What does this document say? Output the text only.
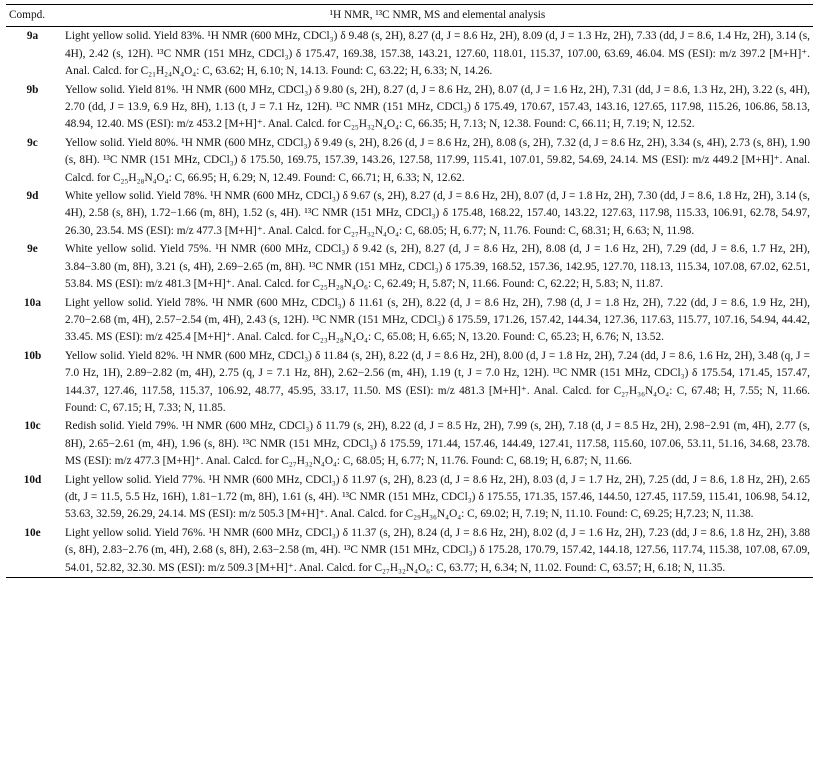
Compd.	¹H NMR, ¹³C NMR, MS and elemental analysis
9a	Light yellow solid. Yield 83%. ¹H NMR (600 MHz, CDCl₃) δ 9.48 (s, 2H), 8.27 (d, J = 8.6 Hz, 2H), 8.09 (d, J = 1.3 Hz, 2H), 7.33 (dd, J = 8.6, 1.4 Hz, 2H), 3.14 (s, 4H), 2.42 (s, 12H). ¹³C NMR (151 MHz, CDCl₃) δ 175.47, 169.38, 157.38, 143.21, 127.60, 118.01, 115.37, 107.00, 63.69, 46.04. MS (ESI): m/z 397.2 [M+H]⁺. Anal. Calcd. for C₂₁H₂₄N₄O₄: C, 63.62; H, 6.10; N, 14.13. Found: C, 63.22; H, 6.33; N, 14.26.
9b	Yellow solid. Yield 81%. ¹H NMR (600 MHz, CDCl₃) δ 9.80 (s, 2H), 8.27 (d, J = 8.6 Hz, 2H), 8.07 (d, J = 1.6 Hz, 2H), 7.31 (dd, J = 8.6, 1.3 Hz, 2H), 3.22 (s, 4H), 2.70 (dd, J = 13.9, 6.9 Hz, 8H), 1.13 (t, J = 7.1 Hz, 12H). ¹³C NMR (151 MHz, CDCl₃) δ 175.49, 170.67, 157.43, 143.16, 127.65, 117.98, 115.26, 106.86, 58.13, 48.94, 12.40. MS (ESI): m/z 453.2 [M+H]⁺. Anal. Calcd. for C₂₅H₃₂N₄O₄: C, 66.35; H, 7.13; N, 12.38. Found: C, 66.11; H, 7.19; N, 12.52.
9c	Yellow solid. Yield 80%. ¹H NMR (600 MHz, CDCl₃) δ 9.49 (s, 2H), 8.26 (d, J = 8.6 Hz, 2H), 8.08 (s, 2H), 7.32 (d, J = 8.6 Hz, 2H), 3.34 (s, 4H), 2.73 (s, 8H), 1.90 (s, 8H). ¹³C NMR (151 MHz, CDCl₃) δ 175.50, 169.75, 157.39, 143.26, 127.58, 117.99, 115.41, 107.01, 59.82, 54.69, 24.14. MS (ESI): m/z 449.2 [M+H]⁺. Anal. Calcd. for C₂₅H₂₈N₄O₄: C, 66.95; H, 6.29; N, 12.49. Found: C, 66.71; H, 6.33; N, 12.62.
9d	White yellow solid. Yield 78%. ¹H NMR (600 MHz, CDCl₃) δ 9.67 (s, 2H), 8.27 (d, J = 8.6 Hz, 2H), 8.07 (d, J = 1.8 Hz, 2H), 7.30 (dd, J = 8.6, 1.8 Hz, 2H), 3.14 (s, 4H), 2.58 (s, 8H), 1.72−1.66 (m, 8H), 1.52 (s, 4H). ¹³C NMR (151 MHz, CDCl₃) δ 175.48, 168.22, 157.40, 143.22, 127.63, 117.98, 115.33, 106.91, 62.78, 54.97, 26.30, 23.54. MS (ESI): m/z 477.3 [M+H]⁺. Anal. Calcd. for C₂₇H₃₂N₄O₄: C, 68.05; H, 6.77; N, 11.76. Found: C, 68.31; H, 6.63; N, 11.98.
9e	White yellow solid. Yield 75%. ¹H NMR (600 MHz, CDCl₃) δ 9.42 (s, 2H), 8.27 (d, J = 8.6 Hz, 2H), 8.08 (d, J = 1.6 Hz, 2H), 7.29 (dd, J = 8.6, 1.7 Hz, 2H), 3.84−3.80 (m, 8H), 3.21 (s, 4H), 2.69−2.65 (m, 8H). ¹³C NMR (151 MHz, CDCl₃) δ 175.39, 168.52, 157.36, 142.95, 127.70, 118.13, 115.34, 107.08, 67.02, 62.51, 53.84. MS (ESI): m/z 481.3 [M+H]⁺. Anal. Calcd. for C₂₅H₂₈N₄O₆: C, 62.49; H, 5.87; N, 11.66. Found: C, 62.22; H, 5.83; N, 11.87.
10a	Light yellow solid. Yield 78%. ¹H NMR (600 MHz, CDCl₃) δ 11.61 (s, 2H), 8.22 (d, J = 8.6 Hz, 2H), 7.98 (d, J = 1.8 Hz, 2H), 7.22 (dd, J = 8.6, 1.9 Hz, 2H), 2.70−2.68 (m, 4H), 2.57−2.54 (m, 4H), 2.43 (s, 12H). ¹³C NMR (151 MHz, CDCl₃) δ 175.59, 171.26, 157.42, 144.34, 127.36, 117.63, 115.77, 107.16, 54.94, 44.42, 33.45. MS (ESI): m/z 425.4 [M+H]⁺. Anal. Calcd. for C₂₃H₂₈N₄O₄: C, 65.08; H, 6.65; N, 13.20. Found: C, 65.23; H, 6.76; N, 13.52.
10b	Yellow solid. Yield 82%. ¹H NMR (600 MHz, CDCl₃) δ 11.84 (s, 2H), 8.22 (d, J = 8.6 Hz, 2H), 8.00 (d, J = 1.8 Hz, 2H), 7.24 (dd, J = 8.6, 1.6 Hz, 2H), 3.48 (q, J = 7.0 Hz, 1H), 2.89−2.82 (m, 4H), 2.75 (q, J = 7.1 Hz, 8H), 2.62−2.56 (m, 4H), 1.19 (t, J = 7.0 Hz, 12H). ¹³C NMR (151 MHz, CDCl₃) δ 175.54, 171.45, 157.47, 144.37, 127.46, 117.58, 115.37, 106.92, 48.77, 45.95, 33.17, 11.50. MS (ESI): m/z 481.3 [M+H]⁺. Anal. Calcd. for C₂₇H₃₆N₄O₄: C, 67.48; H, 7.55; N, 11.66. Found: C, 67.15; H, 7.33; N, 11.85.
10c	Redish solid. Yield 79%. ¹H NMR (600 MHz, CDCl₃) δ 11.79 (s, 2H), 8.22 (d, J = 8.5 Hz, 2H), 7.99 (s, 2H), 7.18 (d, J = 8.5 Hz, 2H), 2.98−2.91 (m, 4H), 2.77 (s, 8H), 2.65−2.61 (m, 4H), 1.96 (s, 8H). ¹³C NMR (151 MHz, CDCl₃) δ 175.59, 171.44, 157.46, 144.49, 127.41, 117.58, 115.60, 107.06, 53.11, 51.16, 34.68, 23.78. MS (ESI): m/z 477.3 [M+H]⁺. Anal. Calcd. for C₂₇H₃₂N₄O₄: C, 68.05; H, 6.77; N, 11.76. Found: C, 68.19; H, 6.87; N, 11.66.
10d	Light yellow solid. Yield 77%. ¹H NMR (600 MHz, CDCl₃) δ 11.97 (s, 2H), 8.23 (d, J = 8.6 Hz, 2H), 8.03 (d, J = 1.7 Hz, 2H), 7.25 (dd, J = 8.6, 1.8 Hz, 2H), 2.65 (dt, J = 11.5, 5.5 Hz, 16H), 1.81−1.72 (m, 8H), 1.61 (s, 4H). ¹³C NMR (151 MHz, CDCl₃) δ 175.55, 171.35, 157.46, 144.50, 127.45, 117.59, 115.41, 106.98, 54.12, 53.63, 32.59, 26.29, 24.14. MS (ESI): m/z 505.3 [M+H]⁺. Anal. Calcd. for C₂₉H₃₆N₄O₄: C, 69.02; H, 7.19; N, 11.10. Found: C, 69.25; H,7.23; N, 11.38.
10e	Light yellow solid. Yield 76%. ¹H NMR (600 MHz, CDCl₃) δ 11.37 (s, 2H), 8.24 (d, J = 8.6 Hz, 2H), 8.02 (d, J = 1.6 Hz, 2H), 7.23 (dd, J = 8.6, 1.8 Hz, 2H), 3.88 (s, 8H), 2.83−2.76 (m, 4H), 2.68 (s, 8H), 2.63−2.58 (m, 4H). ¹³C NMR (151 MHz, CDCl₃) δ 175.28, 170.79, 157.42, 144.18, 127.56, 117.74, 115.38, 107.08, 67.09, 54.01, 52.82, 32.30. MS (ESI): m/z 509.3 [M+H]⁺. Anal. Calcd. for C₂₇H₃₂N₄O₆: C, 63.77; H, 6.34; N, 11.02. Found: C, 63.57; H, 6.18; N, 11.35.
